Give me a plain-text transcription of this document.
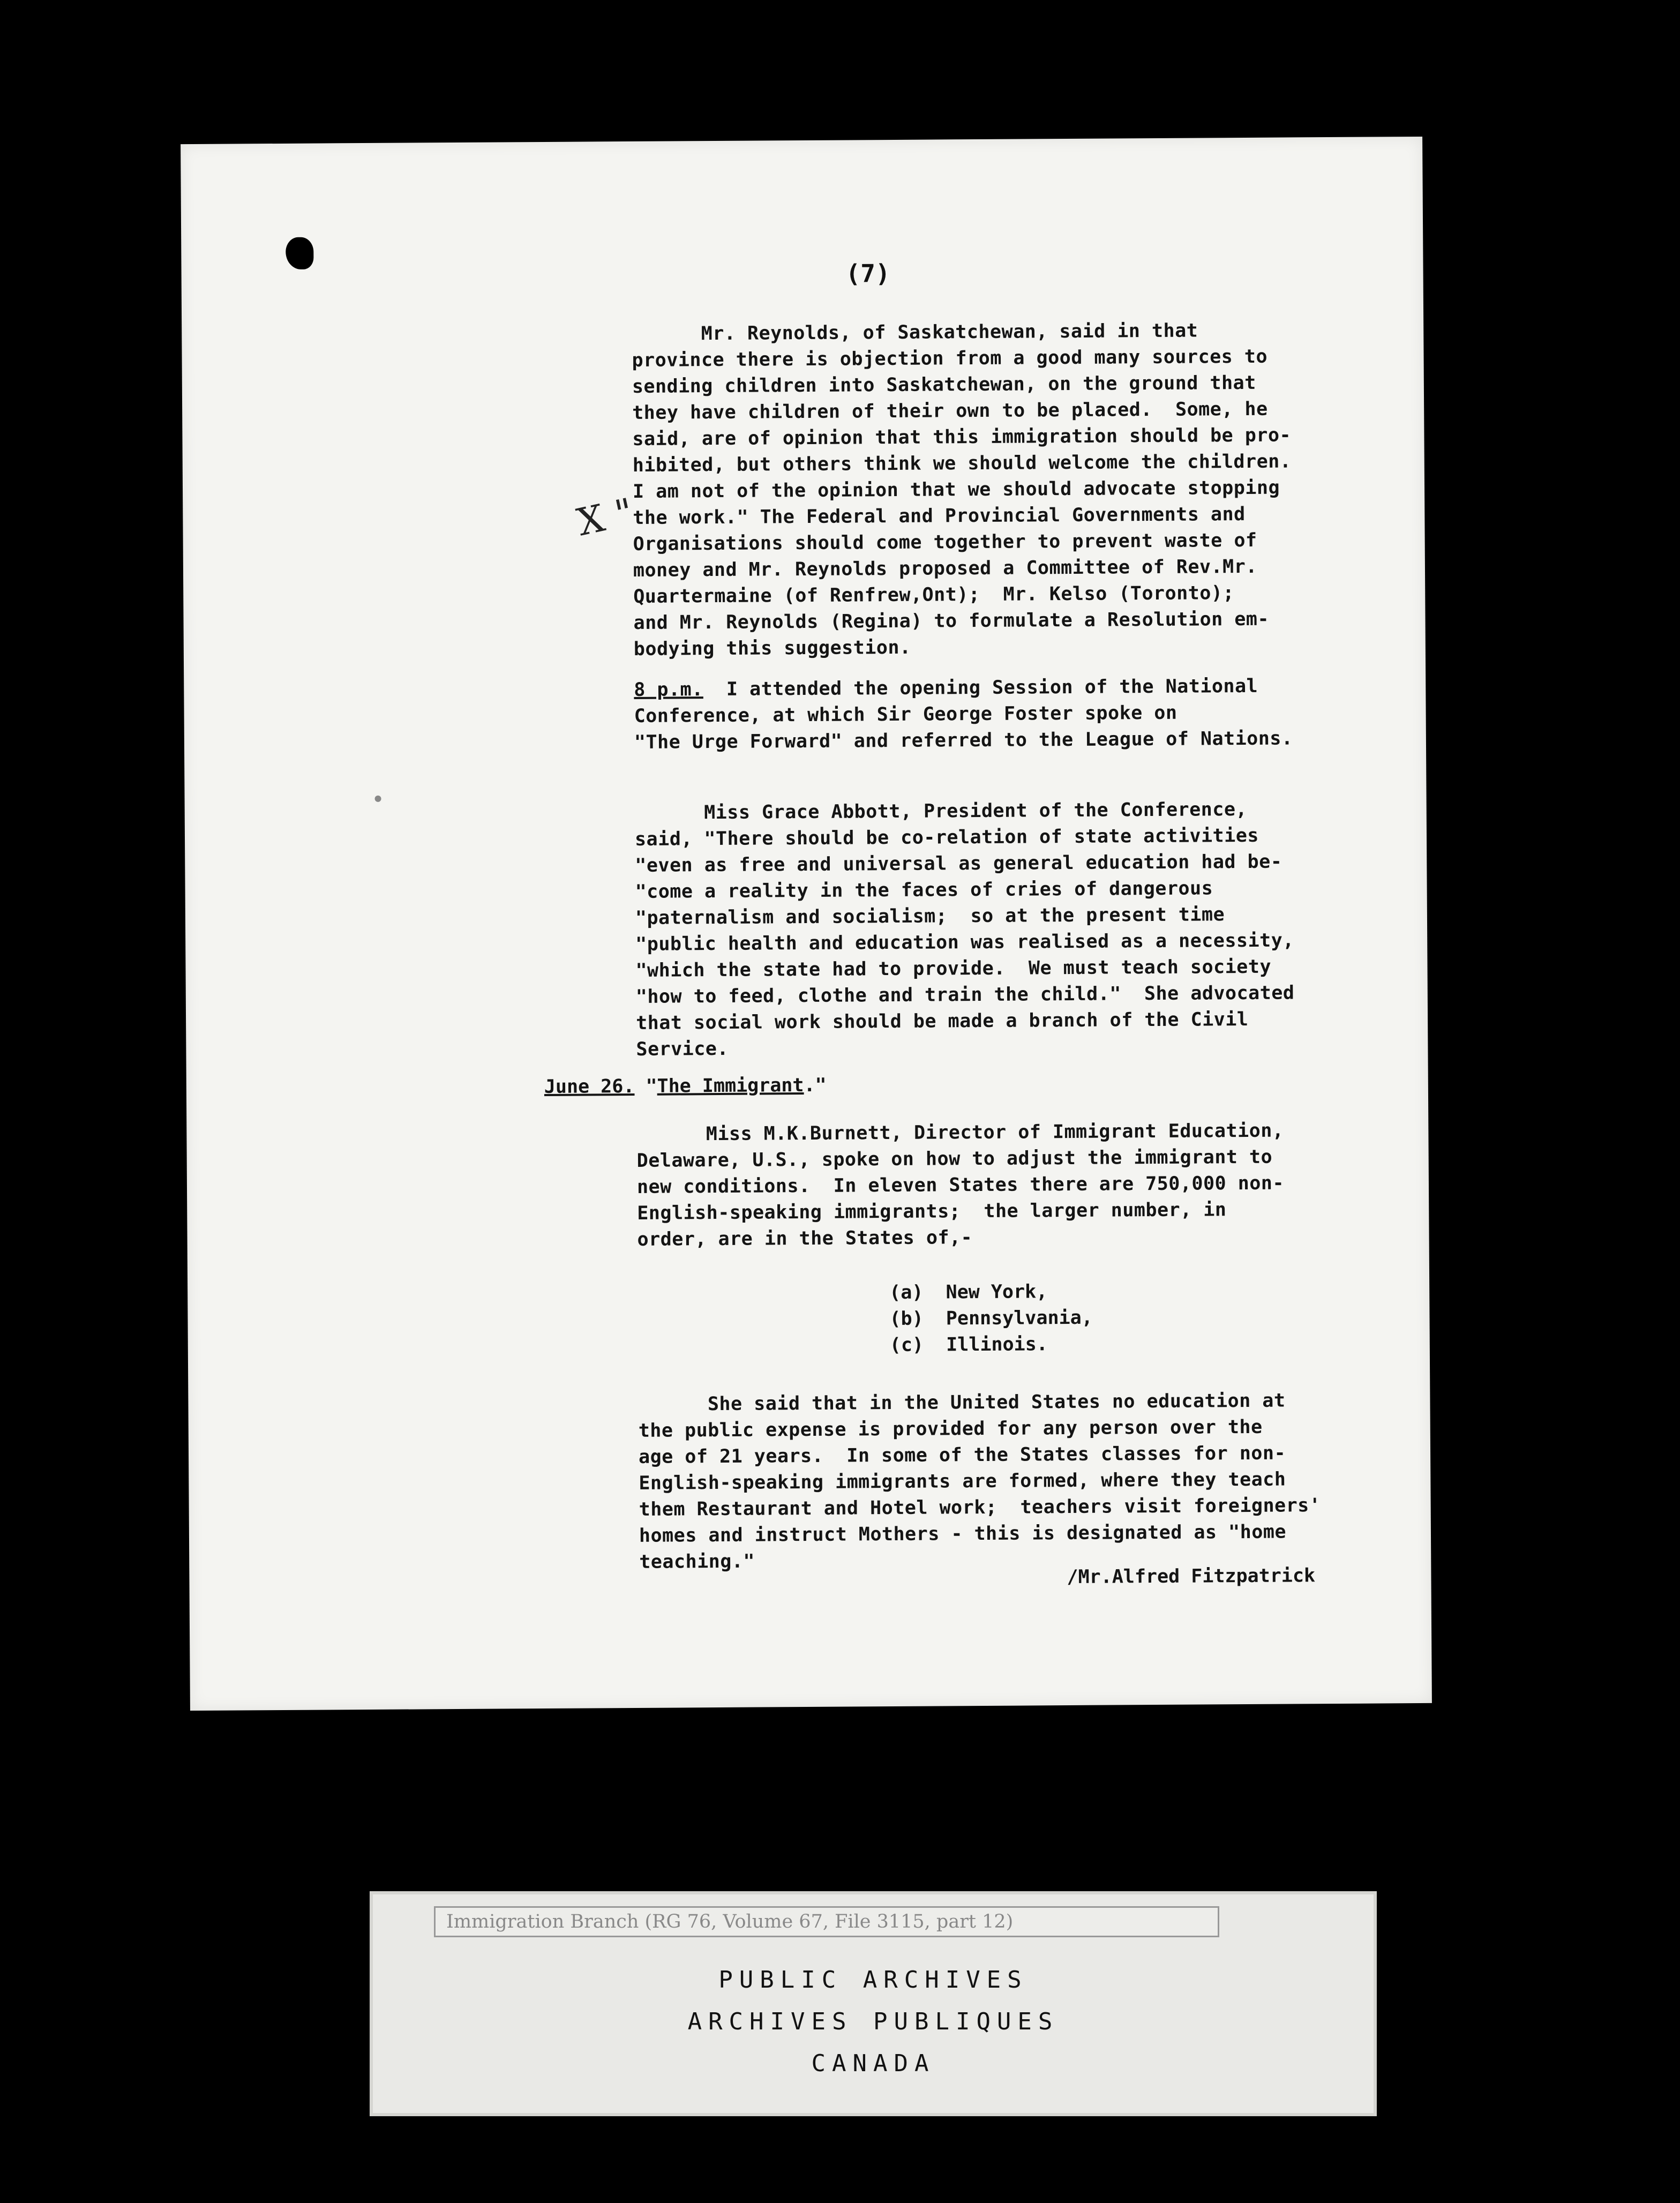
(7)

Mr. Reynolds, of Saskatchewan, said in that
province there is objection from a good many sources to
sending children into Saskatchewan, on the ground that
they have children of their own to be placed.  Some, he
said, are of opinion that this immigration should be pro-
hibited, but others think we should welcome the children.
I am not of the opinion that we should advocate stopping
the work." The Federal and Provincial Governments and
Organisations should come together to prevent waste of
money and Mr. Reynolds proposed a Committee of Rev.Mr.
Quartermaine (of Renfrew,Ont);  Mr. Kelso (Toronto);
and Mr. Reynolds (Regina) to formulate a Resolution em-
bodying this suggestion.

X "

8 p.m.  I attended the opening Session of the National
Conference, at which Sir George Foster spoke on
"The Urge Forward" and referred to the League of Nations.

Miss Grace Abbott, President of the Conference,
said, "There should be co-relation of state activities
"even as free and universal as general education had be-
"come a reality in the faces of cries of dangerous
"paternalism and socialism;  so at the present time
"public health and education was realised as a necessity,
"which the state had to provide.  We must teach society
"how to feed, clothe and train the child."  She advocated
that social work should be made a branch of the Civil
Service.

June 26. "The Immigrant."

Miss M.K.Burnett, Director of Immigrant Education,
Delaware, U.S., spoke on how to adjust the immigrant to
new conditions.  In eleven States there are 750,000 non-
English-speaking immigrants;  the larger number, in
order, are in the States of,-

(a)  New York,
(b)  Pennsylvania,
(c)  Illinois.

She said that in the United States no education at
the public expense is provided for any person over the
age of 21 years.  In some of the States classes for non-
English-speaking immigrants are formed, where they teach
them Restaurant and Hotel work;  teachers visit foreigners'
homes and instruct Mothers - this is designated as "home
teaching."

/Mr.Alfred Fitzpatrick
Immigration Branch (RG 76, Volume 67, File 3115, part 12)
PUBLIC ARCHIVES
ARCHIVES PUBLIQUES
CANADA
